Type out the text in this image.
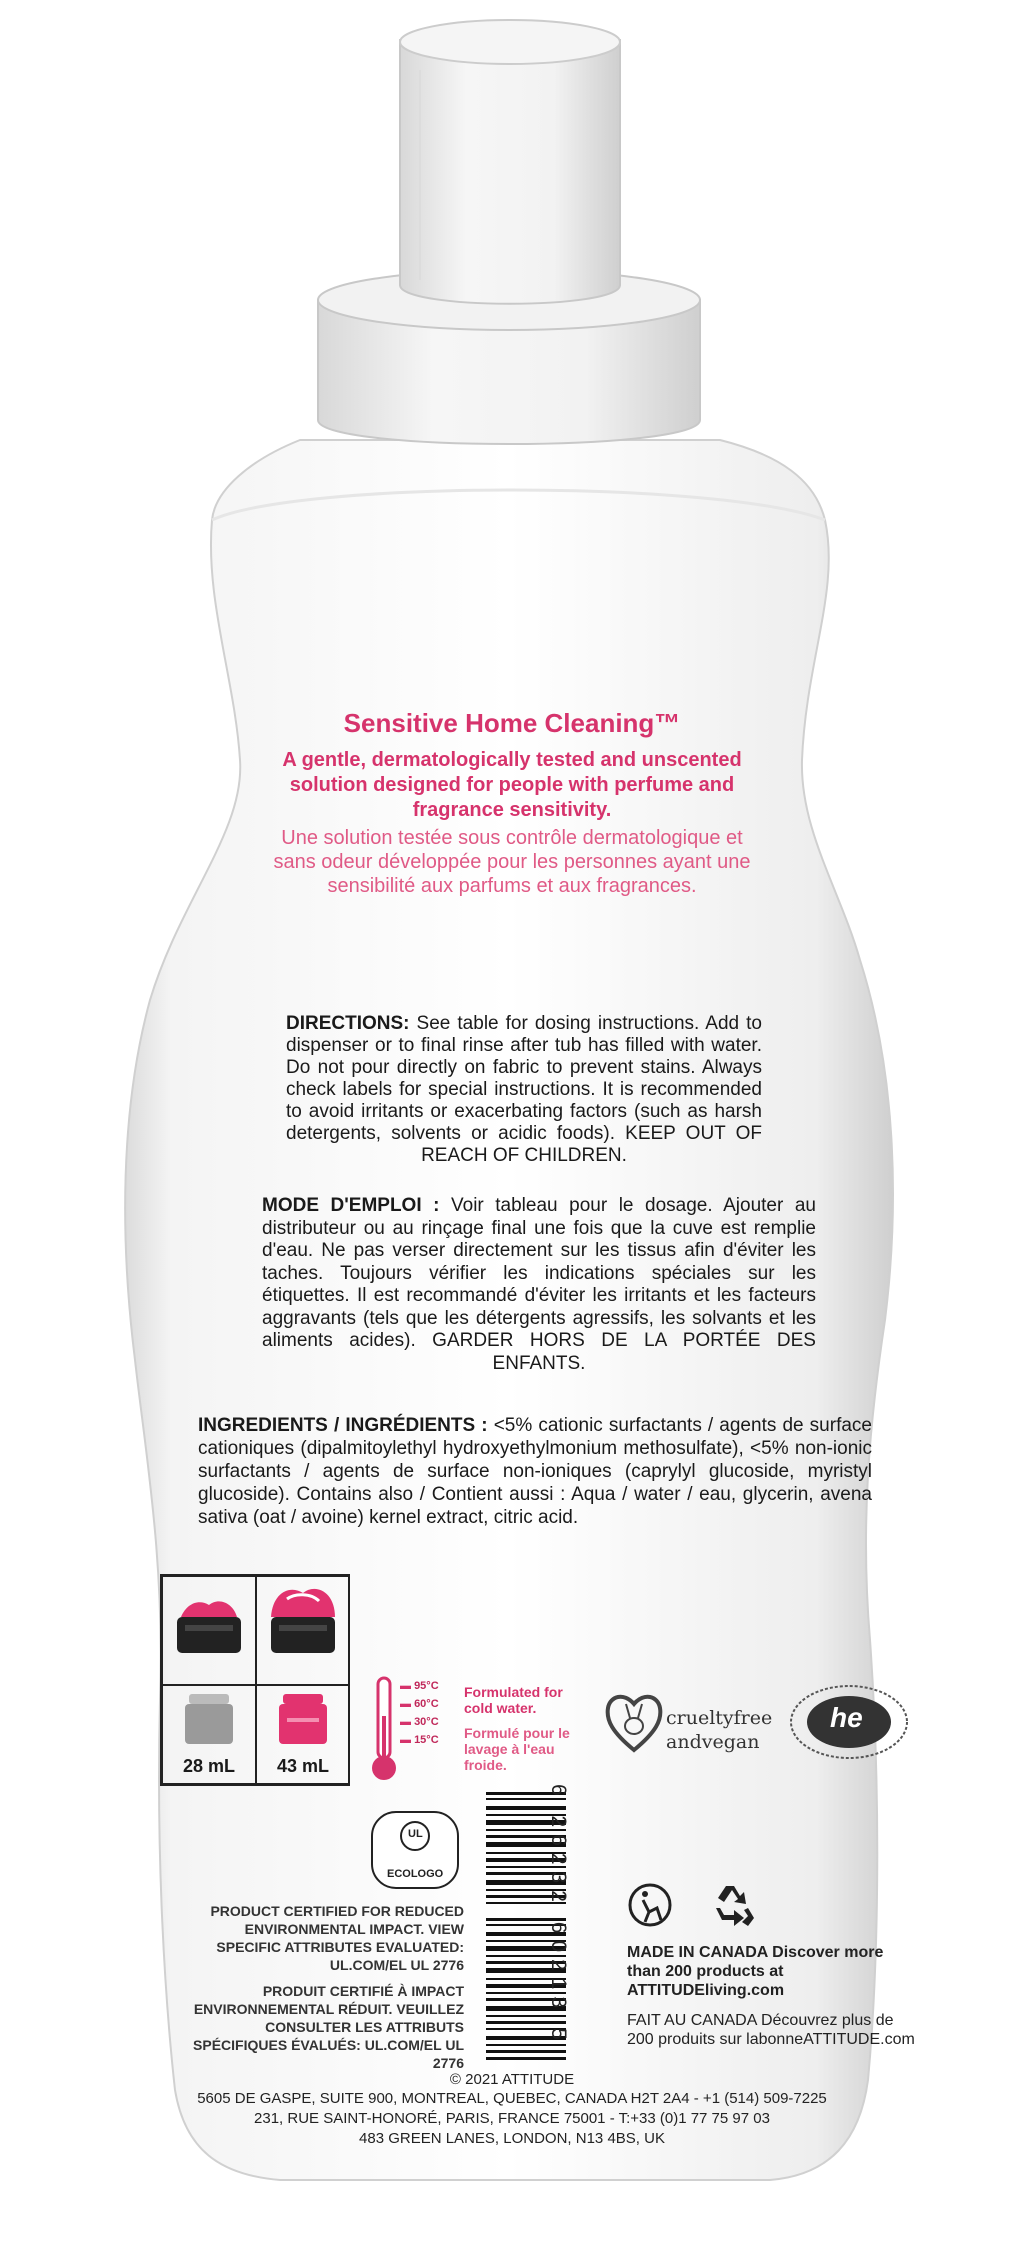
Sensitive Home Cleaning™
A gentle, dermatologically tested and unscented solution designed for people with perfume and fragrance sensitivity.
Une solution testée sous contrôle dermatologique et sans odeur développée pour les personnes ayant une sensibilité aux parfums et aux fragrances.
DIRECTIONS: See table for dosing instructions. Add to dispenser or to final rinse after tub has filled with water. Do not pour directly on fabric to prevent stains. Always check labels for special instructions. It is recommended to avoid irritants or exacerbating factors (such as harsh detergents, solvents or acidic foods). KEEP OUT OF REACH OF CHILDREN.
MODE D'EMPLOI : Voir tableau pour le dosage. Ajouter au distributeur ou au rinçage final une fois que la cuve est remplie d'eau. Ne pas verser directement sur les tissus afin d'éviter les taches. Toujours vérifier les indications spéciales sur les étiquettes. Il est recommandé d'éviter les irritants et les facteurs aggravants (tels que les détergents agressifs, les solvants et les aliments acides). GARDER HORS DE LA PORTÉE DES ENFANTS.
INGREDIENTS / INGRÉDIENTS : <5% cationic surfactants / agents de surface cationiques (dipalmitoylethyl hydroxyethylmonium methosulfate), <5% non-ionic surfactants / agents de surface non-ioniques (caprylyl glucoside, myristyl glucoside). Contains also / Contient aussi : Aqua / water / eau, glycerin, avena sativa (oat / avoine) kernel extract, citric acid.
28 mL	43 mL
▬ 95°C
▬ 60°C
▬ 30°C
▬ 15°C
Formulated for cold water.
Formulé pour le lavage à l'eau froide.
crueltyfree
andvegan
he
UL
ECOLOGO
PRODUCT CERTIFIED FOR REDUCED ENVIRONMENTAL IMPACT. VIEW SPECIFIC ATTRIBUTES EVALUATED: UL.COM/EL UL 2776
PRODUIT CERTIFIÉ À IMPACT ENVIRONNEMENTAL RÉDUIT. VEUILLEZ CONSULTER LES ATTRIBUTS SPÉCIFIQUES ÉVALUÉS: UL.COM/EL UL 2776
6 26232 60213 5	MADE IN CANADA Discover more than 200 products at ATTITUDEliving.com
FAIT AU CANADA Découvrez plus de 200 produits sur labonneATTITUDE.com
© 2021 ATTITUDE
5605 DE GASPE, SUITE 900, MONTREAL, QUEBEC, CANADA H2T 2A4 - +1 (514) 509-7225
231, RUE SAINT-HONORÉ, PARIS, FRANCE 75001 - T:+33 (0)1 77 75 97 03
483 GREEN LANES, LONDON, N13 4BS, UK
